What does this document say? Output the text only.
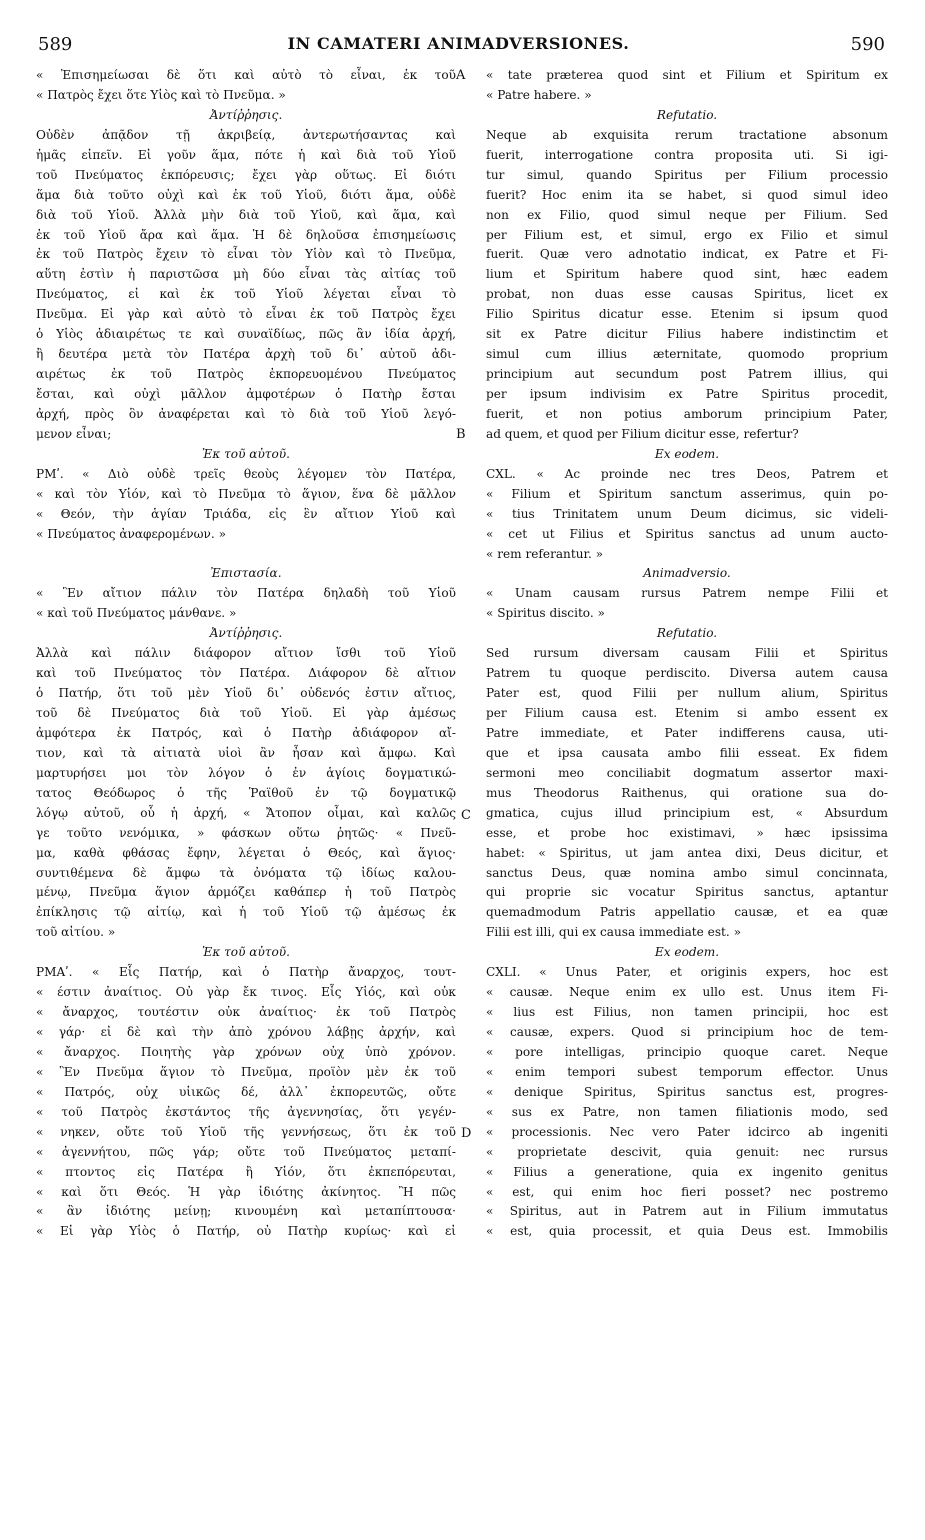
589	IN CAMATERI ANIMADVERSIONES.	590
« Ἐπισημείωσαι δὲ ὅτι καὶ αὐτὸ τὸ εἶναι, ἐκ τοῦ
« Πατρὸς ἔχει ὅτε Υἱὸς καὶ τὸ Πνεῦμα. »
Ἀντίῤῥησις.
Οὐδὲν ἀπᾷδον τῇ ἀκριβείᾳ, ἀντερωτήσαντας καὶ
ἡμᾶς εἰπεῖν. Εἰ γοῦν ἅμα, πότε ἡ καὶ διὰ τοῦ Υἱοῦ
τοῦ Πνεύματος ἐκπόρευσις; ἔχει γὰρ οὕτως. Εἰ διότι
ἅμα διὰ τοῦτο οὐχὶ καὶ ἐκ τοῦ Υἱοῦ, διότι ἅμα, οὐδὲ
διὰ τοῦ Υἱοῦ. Ἀλλὰ μὴν διὰ τοῦ Υἱοῦ, καὶ ἅμα, καὶ
ἐκ τοῦ Υἱοῦ ἄρα καὶ ἅμα. Ἡ δὲ δηλοῦσα ἐπισημείωσις
ἐκ τοῦ Πατρὸς ἔχειν τὸ εἶναι τὸν Υἱὸν καὶ τὸ Πνεῦμα,
αὕτη ἐστὶν ἡ παριστῶσα μὴ δύο εἶναι τὰς αἰτίας τοῦ
Πνεύματος, εἰ καὶ ἐκ τοῦ Υἱοῦ λέγεται εἶναι τὸ
Πνεῦμα. Εἰ γὰρ καὶ αὐτὸ τὸ εἶναι ἐκ τοῦ Πατρὸς ἔχει
ὁ Υἱὸς ἀδιαιρέτως τε καὶ συναϊδίως, πῶς ἂν ἰδία ἀρχή,
ἢ δευτέρα μετὰ τὸν Πατέρα ἀρχὴ τοῦ δι᾽ αὐτοῦ ἀδι-
αιρέτως ἐκ τοῦ Πατρὸς ἐκπορευομένου Πνεύματος
ἔσται, καὶ οὐχὶ μᾶλλον ἀμφοτέρων ὁ Πατὴρ ἔσται
ἀρχή, πρὸς ὃν ἀναφέρεται καὶ τὸ διὰ τοῦ Υἱοῦ λεγό-
μενον εἶναι;
Ἐκ τοῦ αὐτοῦ.
ΡΜʹ. « Διὸ οὐδὲ τρεῖς θεοὺς λέγομεν τὸν Πατέρα,
« καὶ τὸν Υἱόν, καὶ τὸ Πνεῦμα τὸ ἅγιον, ἕνα δὲ μᾶλλον
« Θεόν, τὴν ἁγίαν Τριάδα, εἰς ἓν αἴτιον Υἱοῦ καὶ
« Πνεύματος ἀναφερομένων. »
Ἐπιστασία.
« Ἓν αἴτιον πάλιν τὸν Πατέρα δηλαδὴ τοῦ Υἱοῦ
« καὶ τοῦ Πνεύματος μάνθανε. »
Ἀντίῤῥησις.
Ἀλλὰ καὶ πάλιν διάφορον αἴτιον ἴσθι τοῦ Υἱοῦ
καὶ τοῦ Πνεύματος τὸν Πατέρα. Διάφορον δὲ αἴτιον
ὁ Πατήρ, ὅτι τοῦ μὲν Υἱοῦ δι᾽ οὐδενός ἐστιν αἴτιος,
τοῦ δὲ Πνεύματος διὰ τοῦ Υἱοῦ. Εἰ γὰρ ἀμέσως
ἀμφότερα ἐκ Πατρός, καὶ ὁ Πατὴρ ἀδιάφορον αἴ-
τιον, καὶ τὰ αἰτιατὰ υἱοὶ ἂν ἦσαν καὶ ἄμφω. Καὶ
μαρτυρήσει μοι τὸν λόγον ὁ ἐν ἁγίοις δογματικώ-
τατος Θεόδωρος ὁ τῆς Ῥαϊθοῦ ἐν τῷ δογματικῷ
λόγῳ αὐτοῦ, οὗ ἡ ἀρχή, « Ἄτοπον οἶμαι, καὶ καλῶς
γε τοῦτο νενόμικα, » φάσκων οὕτω ῥητῶς· « Πνεῦ-
μα, καθὰ φθάσας ἔφην, λέγεται ὁ Θεός, καὶ ἅγιος·
συντιθέμενα δὲ ἄμφω τὰ ὀνόματα τῷ ἰδίως καλου-
μένῳ, Πνεῦμα ἅγιον ἁρμόζει καθάπερ ἡ τοῦ Πατρὸς
ἐπίκλησις τῷ αἰτίῳ, καὶ ἡ τοῦ Υἱοῦ τῷ ἀμέσως ἐκ
τοῦ αἰτίου. »
Ἐκ τοῦ αὐτοῦ.
ΡΜΑʹ. « Εἷς Πατήρ, καὶ ὁ Πατὴρ ἄναρχος, τουτ-
« έστιν ἀναίτιος. Οὐ γὰρ ἔκ τινος. Εἷς Υἱός, καὶ οὐκ
« ἄναρχος, τουτέστιν οὐκ ἀναίτιος· ἐκ τοῦ Πατρὸς
« γάρ· εἰ δὲ καὶ τὴν ἀπὸ χρόνου λάβῃς ἀρχήν, καὶ
« ἄναρχος. Ποιητὴς γὰρ χρόνων οὐχ ὑπὸ χρόνον.
« Ἓν Πνεῦμα ἅγιον τὸ Πνεῦμα, προϊὸν μὲν ἐκ τοῦ
« Πατρός, οὐχ υἱικῶς δέ, ἀλλ᾽ ἐκπορευτῶς, οὔτε
« τοῦ Πατρὸς ἐκστάντος τῆς ἀγεννησίας, ὅτι γεγέν-
« νηκεν, οὔτε τοῦ Υἱοῦ τῆς γεννήσεως, ὅτι ἐκ τοῦ
« ἀγεννήτου, πῶς γάρ; οὔτε τοῦ Πνεύματος μεταπί-
« πτοντος εἰς Πατέρα ἢ Υἱόν, ὅτι ἐκπεπόρευται,
« καὶ ὅτι Θεός. Ἡ γὰρ ἰδιότης ἀκίνητος. Ἢ πῶς
« ἂν ἰδιότης μείνῃ; κινουμένη καὶ μεταπίπτουσα·
« Εἰ γὰρ Υἱὸς ὁ Πατήρ, οὐ Πατὴρ κυρίως· καὶ εἰ
« tate præterea quod sint et Filium et Spiritum ex
« Patre habere. »
Refutatio.
Neque ab exquisita rerum tractatione absonum
fuerit, interrogatione contra proposita uti. Si igi-
tur simul, quando Spiritus per Filium processio
fuerit? Hoc enim ita se habet, si quod simul ideo
non ex Filio, quod simul neque per Filium. Sed
per Filium est, et simul, ergo ex Filio et simul
fuerit. Quæ vero adnotatio indicat, ex Patre et Fi-
lium et Spiritum habere quod sint, hæc eadem
probat, non duas esse causas Spiritus, licet ex
Filio Spiritus dicatur esse. Etenim si ipsum quod
sit ex Patre dicitur Filius habere indistinctim et
simul cum illius æternitate, quomodo proprium
principium aut secundum post Patrem illius, qui
per ipsum indivisim ex Patre Spiritus procedit,
fuerit, et non potius amborum principium Pater,
ad quem, et quod per Filium dicitur esse, refertur?
Ex eodem.
CXL. « Ac proinde nec tres Deos, Patrem et
« Filium et Spiritum sanctum asserimus, quin po-
« tius Trinitatem unum Deum dicimus, sic videli-
« cet ut Filius et Spiritus sanctus ad unum aucto-
« rem referantur. »
Animadversio.
« Unam causam rursus Patrem nempe Filii et
« Spiritus discito. »
Refutatio.
Sed rursum diversam causam Filii et Spiritus
Patrem tu quoque perdiscito. Diversa autem causa
Pater est, quod Filii per nullum alium, Spiritus
per Filium causa est. Etenim si ambo essent ex
Patre immediate, et Pater indifferens causa, uti-
que et ipsa causata ambo filii esseat. Ex fidem
sermoni meo conciliabit dogmatum assertor maxi-
mus Theodorus Raithenus, qui oratione sua do-
gmatica, cujus illud principium est, « Absurdum
esse, et probe hoc existimavi, » hæc ipsissima
habet: « Spiritus, ut jam antea dixi, Deus dicitur, et
sanctus Deus, quæ nomina ambo simul concinnata,
qui proprie sic vocatur Spiritus sanctus, aptantur
quemadmodum Patris appellatio causæ, et ea quæ
Filii est illi, qui ex causa immediate est. »
Ex eodem.
CXLI. « Unus Pater, et originis expers, hoc est
« causæ. Neque enim ex ullo est. Unus item Fi-
« lius est Filius, non tamen principii, hoc est
« causæ, expers. Quod si principium hoc de tem-
« pore intelligas, principio quoque caret. Neque
« enim tempori subest temporum effector. Unus
« denique Spiritus, Spiritus sanctus est, progres-
« sus ex Patre, non tamen filiationis modo, sed
« processionis. Nec vero Pater idcirco ab ingeniti
« proprietate descivit, quia genuit: nec rursus
« Filius a generatione, quia ex ingenito genitus
« est, qui enim hoc fieri posset? nec postremo
« Spiritus, aut in Patrem aut in Filium immutatus
« est, quia processit, et quia Deus est. Immobilis
A
B
C
D
